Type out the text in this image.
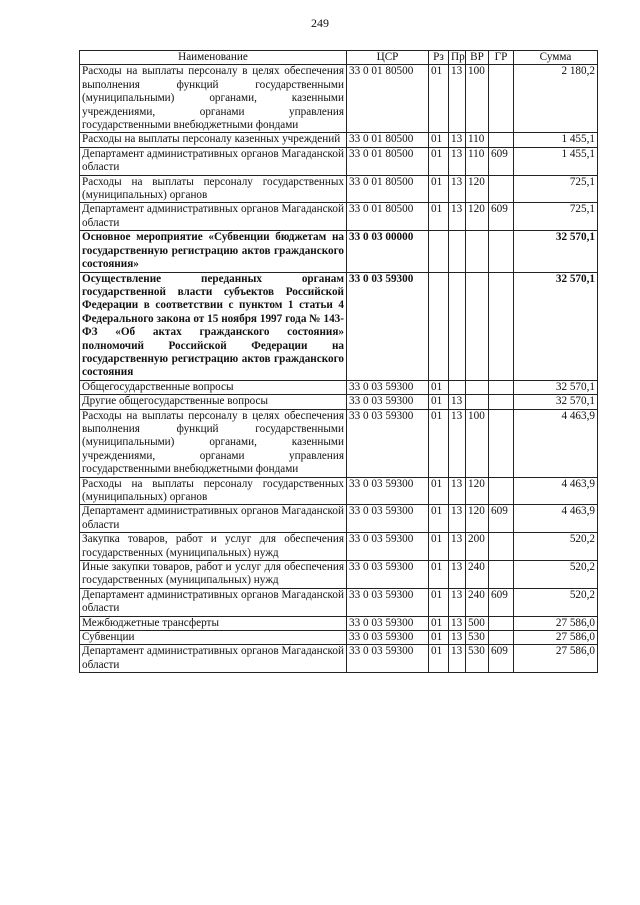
249
Наименование	ЦСР	Рз	Пр	ВР	ГР	Сумма
Расходы на выплаты персоналу в целях обеспечения выполнения функций государственными (муниципальными) органами, казенными учреждениями, органами управления государственными внебюджетными фондами	33 0 01 80500	01	13	100		2 180,2
Расходы на выплаты персоналу казенных учреждений	33 0 01 80500	01	13	110		1 455,1
Департамент административных органов Магаданской области	33 0 01 80500	01	13	110	609	1 455,1
Расходы на выплаты персоналу государственных (муниципальных) органов	33 0 01 80500	01	13	120		725,1
Департамент административных органов Магаданской области	33 0 01 80500	01	13	120	609	725,1
Основное мероприятие «Субвенции бюджетам на государственную регистрацию актов гражданского состояния»	33 0 03 00000					32 570,1
Осуществление переданных органам государственной власти субъектов Российской Федерации в соответствии с пунктом 1 статьи 4 Федерального закона от 15 ноября 1997 года № 143-ФЗ «Об актах гражданского состояния» полномочий Российской Федерации на государственную регистрацию актов гражданского состояния	33 0 03 59300					32 570,1
Общегосударственные вопросы	33 0 03 59300	01				32 570,1
Другие общегосударственные вопросы	33 0 03 59300	01	13			32 570,1
Расходы на выплаты персоналу в целях обеспечения выполнения функций государственными (муниципальными) органами, казенными учреждениями, органами управления государственными внебюджетными фондами	33 0 03 59300	01	13	100		4 463,9
Расходы на выплаты персоналу государственных (муниципальных) органов	33 0 03 59300	01	13	120		4 463,9
Департамент административных органов Магаданской области	33 0 03 59300	01	13	120	609	4 463,9
Закупка товаров, работ и услуг для обеспечения государственных (муниципальных) нужд	33 0 03 59300	01	13	200		520,2
Иные закупки товаров, работ и услуг для обеспечения государственных (муниципальных) нужд	33 0 03 59300	01	13	240		520,2
Департамент административных органов Магаданской области	33 0 03 59300	01	13	240	609	520,2
Межбюджетные трансферты	33 0 03 59300	01	13	500		27 586,0
Субвенции	33 0 03 59300	01	13	530		27 586,0
Департамент административных органов Магаданской области	33 0 03 59300	01	13	530	609	27 586,0
